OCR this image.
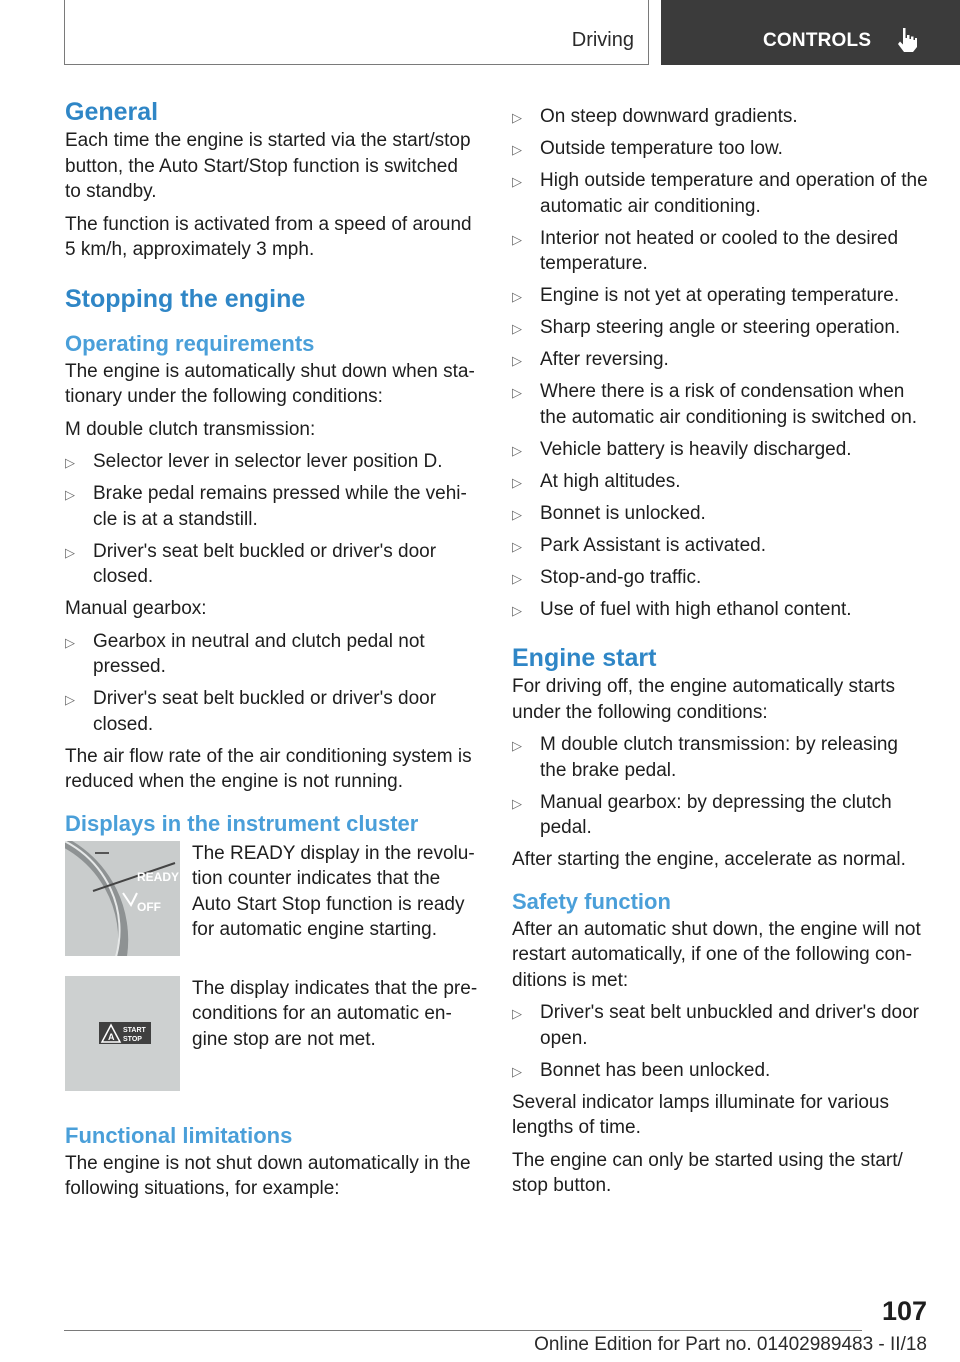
Driving	CONTROLS
General

Each time the engine is started via the start/stop button, the Auto Start/Stop function is switched to standby.

The function is activated from a speed of around 5 km/h, approximately 3 mph.

Stopping the engine
Operating requirements

The engine is automatically shut down when stationary under the following conditions:

M double clutch transmission:

▷ Selector lever in selector lever position D.
▷ Brake pedal remains pressed while the vehicle is at a standstill.
▷ Driver's seat belt buckled or driver's door closed.

Manual gearbox:

▷ Gearbox in neutral and clutch pedal not pressed.
▷ Driver's seat belt buckled or driver's door closed.

The air flow rate of the air conditioning system is reduced when the engine is not running.

Displays in the instrument cluster
READY
OFF
The READY display in the revolution counter indicates that the Auto Start Stop function is ready for automatic engine starting.
A
START
STOP
The display indicates that the preconditions for an automatic engine stop are not met.
Functional limitations

The engine is not shut down automatically in the following situations, for example:

▷ On steep downward gradients.
▷ Outside temperature too low.
▷ High outside temperature and operation of the automatic air conditioning.
▷ Interior not heated or cooled to the desired temperature.
▷ Engine is not yet at operating temperature.
▷ Sharp steering angle or steering operation.
▷ After reversing.
▷ Where there is a risk of condensation when the automatic air conditioning is switched on.
▷ Vehicle battery is heavily discharged.
▷ At high altitudes.
▷ Bonnet is unlocked.
▷ Park Assistant is activated.
▷ Stop-and-go traffic.
▷ Use of fuel with high ethanol content.
Engine start

For driving off, the engine automatically starts under the following conditions:

▷ M double clutch transmission: by releasing the brake pedal.
▷ Manual gearbox: by depressing the clutch pedal.

After starting the engine, accelerate as normal.

Safety function

After an automatic shut down, the engine will not restart automatically, if one of the following conditions is met:

▷ Driver's seat belt unbuckled and driver's door open.
▷ Bonnet has been unlocked.

Several indicator lamps illuminate for various lengths of time.

The engine can only be started using the start/ stop button.

107
Online Edition for Part no. 01402989483 - II/18
